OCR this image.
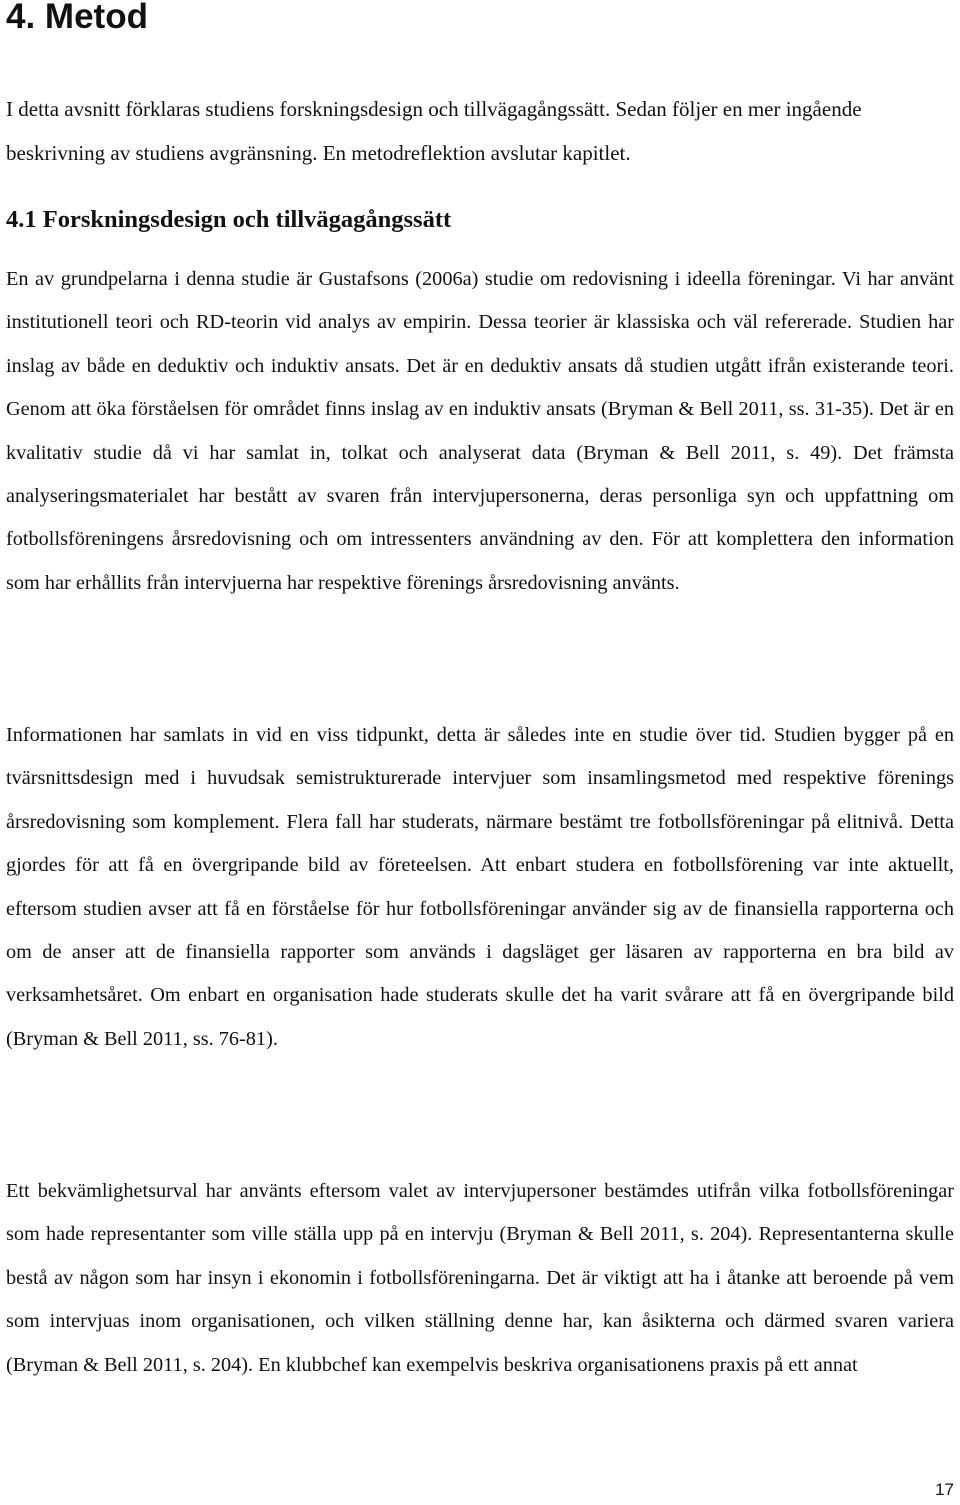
4. Metod

I detta avsnitt förklaras studiens forskningsdesign och tillvägagångssätt. Sedan följer en mer ingående beskrivning av studiens avgränsning. En metodreflektion avslutar kapitlet.

4.1 Forskningsdesign och tillvägagångssätt

En av grundpelarna i denna studie är Gustafsons (2006a) studie om redovisning i ideella föreningar. Vi har använt institutionell teori och RD-teorin vid analys av empirin. Dessa teorier är klassiska och väl refererade. Studien har inslag av både en deduktiv och induktiv ansats. Det är en deduktiv ansats då studien utgått ifrån existerande teori. Genom att öka förståelsen för området finns inslag av en induktiv ansats (Bryman & Bell 2011, ss. 31-35). Det är en kvalitativ studie då vi har samlat in, tolkat och analyserat data (Bryman & Bell 2011, s. 49). Det främsta analyseringsmaterialet har bestått av svaren från intervjupersonerna, deras personliga syn och uppfattning om fotbollsföreningens årsredovisning och om intressenters användning av den. För att komplettera den information som har erhållits från intervjuerna har respektive förenings årsredovisning använts.

Informationen har samlats in vid en viss tidpunkt, detta är således inte en studie över tid. Studien bygger på en tvärsnittsdesign med i huvudsak semistrukturerade intervjuer som insamlingsmetod med respektive förenings årsredovisning som komplement. Flera fall har studerats, närmare bestämt tre fotbollsföreningar på elitnivå. Detta gjordes för att få en övergripande bild av företeelsen. Att enbart studera en fotbollsförening var inte aktuellt, eftersom studien avser att få en förståelse för hur fotbollsföreningar använder sig av de finansiella rapporterna och om de anser att de finansiella rapporter som används i dagsläget ger läsaren av rapporterna en bra bild av verksamhetsåret. Om enbart en organisation hade studerats skulle det ha varit svårare att få en övergripande bild (Bryman & Bell 2011, ss. 76-81).

Ett bekvämlighetsurval har använts eftersom valet av intervjupersoner bestämdes utifrån vilka fotbollsföreningar som hade representanter som ville ställa upp på en intervju (Bryman & Bell 2011, s. 204). Representanterna skulle bestå av någon som har insyn i ekonomin i fotbollsföreningarna. Det är viktigt att ha i åtanke att beroende på vem som intervjuas inom organisationen, och vilken ställning denne har, kan åsikterna och därmed svaren variera (Bryman & Bell 2011, s. 204). En klubbchef kan exempelvis beskriva organisationens praxis på ett annat

17
